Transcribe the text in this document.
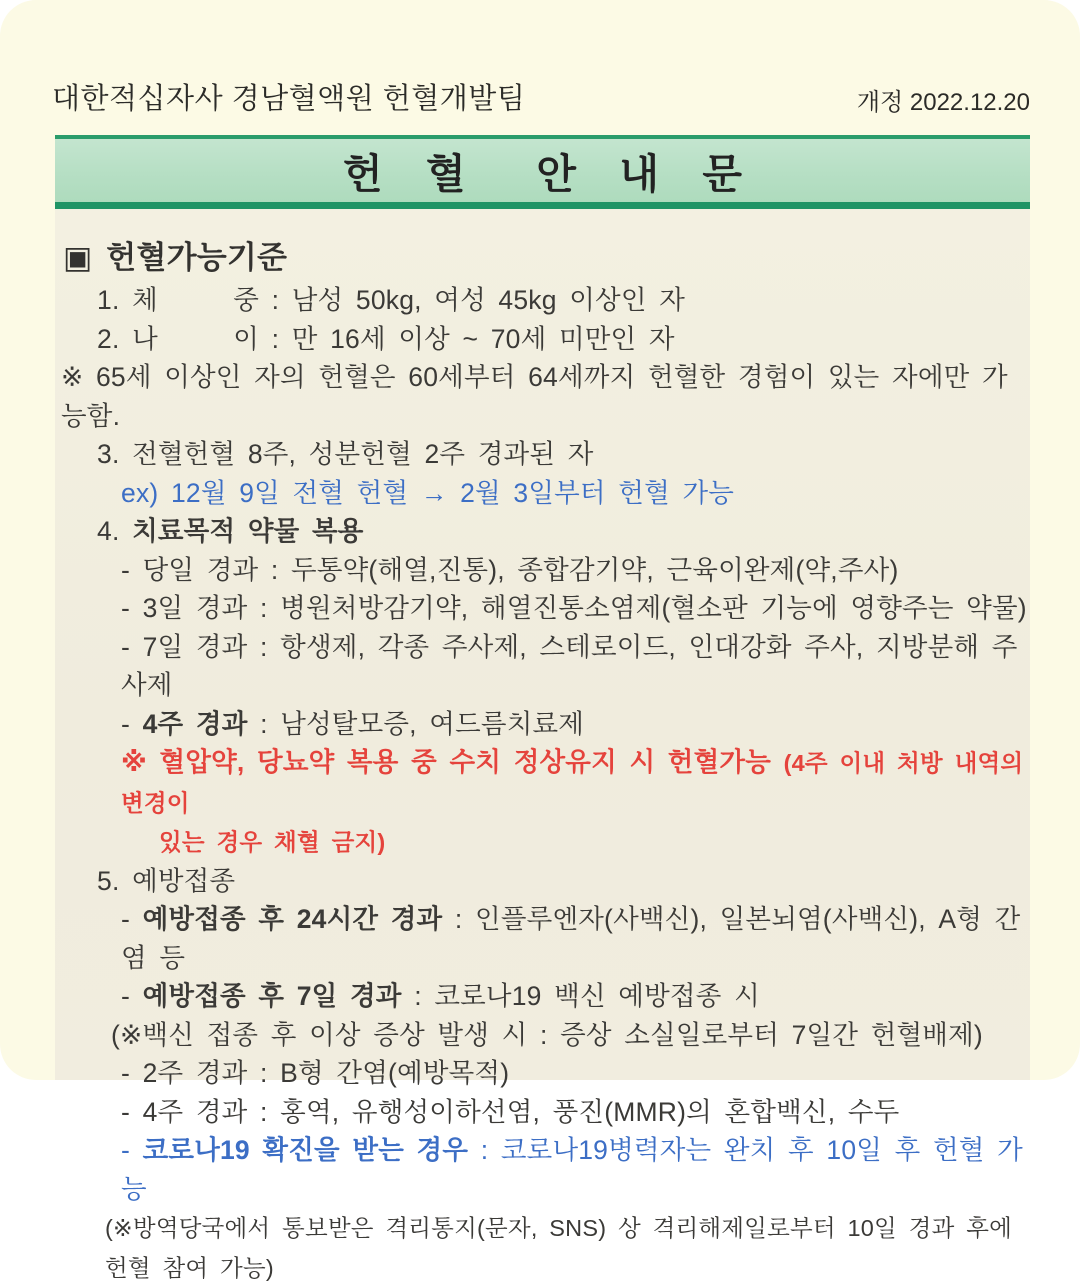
대한적십자사 경남혈액원 헌혈개발팀	개정 2022.12.20
헌 혈  안 내 문
▣ 헌혈가능기준
1. 체      중 : 남성 50kg, 여성 45kg 이상인 자
2. 나      이 : 만 16세 이상 ~ 70세 미만인 자
※ 65세 이상인 자의 헌혈은 60세부터 64세까지 헌혈한 경험이 있는 자에만 가능함.
3. 전혈헌혈 8주, 성분헌혈 2주 경과된 자
ex) 12월 9일 전혈 헌혈 → 2월 3일부터 헌혈 가능
4. 치료목적 약물 복용
- 당일 경과 : 두통약(해열,진통), 종합감기약, 근육이완제(약,주사)
- 3일 경과 : 병원처방감기약, 해열진통소염제(혈소판 기능에 영향주는 약물)
- 7일 경과 : 항생제, 각종 주사제, 스테로이드, 인대강화 주사, 지방분해 주사제
- 4주 경과 : 남성탈모증, 여드름치료제
※ 혈압약, 당뇨약 복용 중 수치 정상유지 시 헌혈가능 (4주 이내 처방 내역의 변경이
있는 경우 채혈 금지)
5. 예방접종
- 예방접종 후 24시간 경과 : 인플루엔자(사백신), 일본뇌염(사백신), A형 간염 등
- 예방접종 후 7일 경과 : 코로나19 백신 예방접종 시
(※백신 접종 후 이상 증상 발생 시 : 증상 소실일로부터 7일간 헌혈배제)
- 2주 경과 : B형 간염(예방목적)
- 4주 경과 : 홍역, 유행성이하선염, 풍진(MMR)의 혼합백신, 수두
- 코로나19 확진을 받는 경우 : 코로나19병력자는 완치 후 10일 후 헌혈 가능
(※방역당국에서 통보받은 격리통지(문자, SNS) 상 격리해제일로부터 10일 경과 후에 헌혈 참여 가능)
